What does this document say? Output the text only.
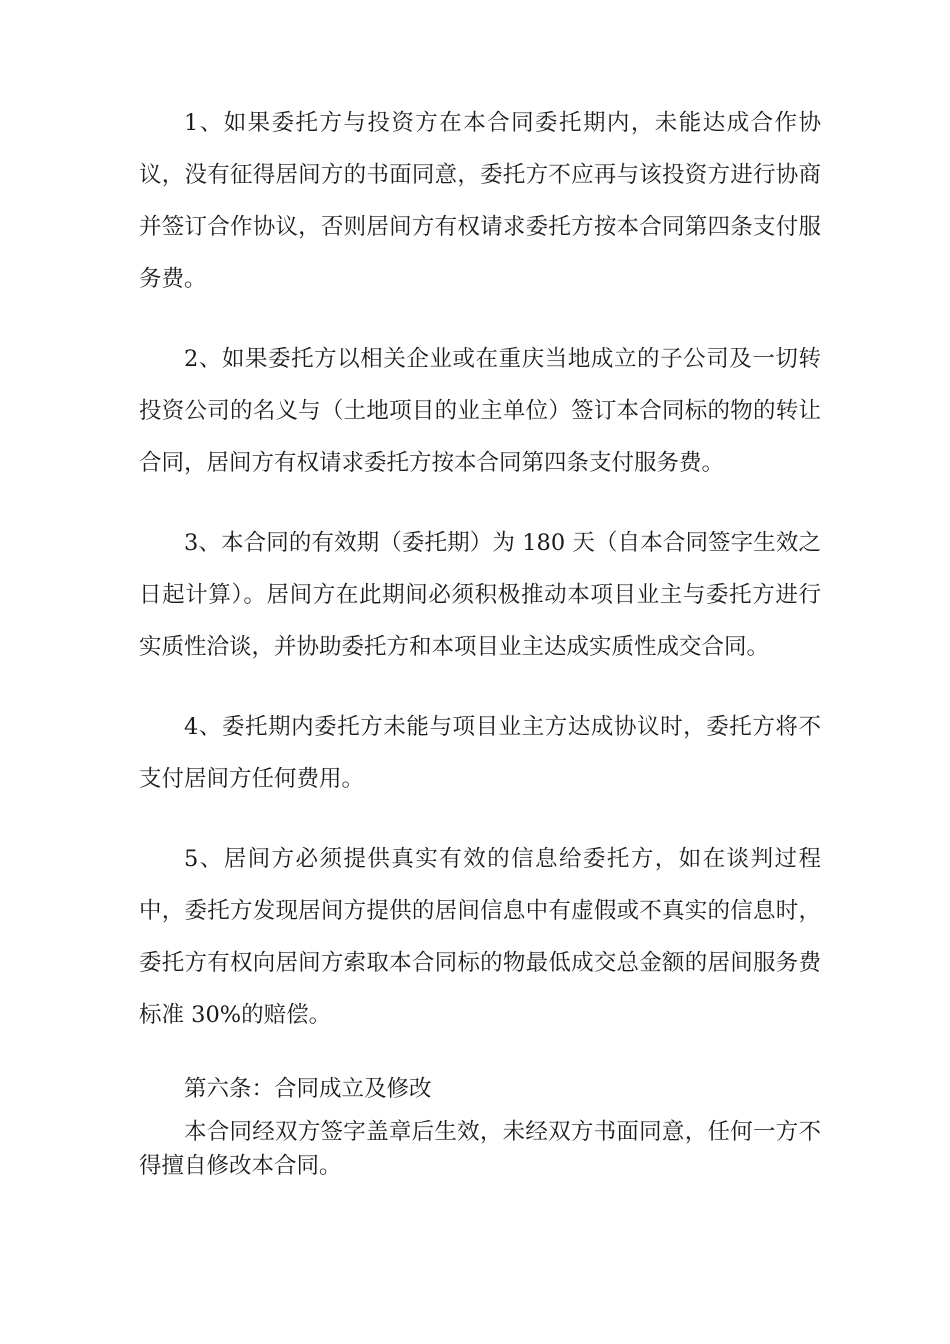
1、如果委托方与投资方在本合同委托期内，未能达成合作协议，没有征得居间方的书面同意，委托方不应再与该投资方进行协商并签订合作协议，否则居间方有权请求委托方按本合同第四条支付服务费。

2、如果委托方以相关企业或在重庆当地成立的子公司及一切转投资公司的名义与（土地项目的业主单位）签订本合同标的物的转让合同，居间方有权请求委托方按本合同第四条支付服务费。

3、本合同的有效期（委托期）为 180 天（自本合同签字生效之日起计算）。居间方在此期间必须积极推动本项目业主与委托方进行实质性洽谈，并协助委托方和本项目业主达成实质性成交合同。

4、委托期内委托方未能与项目业主方达成协议时，委托方将不支付居间方任何费用。

5、居间方必须提供真实有效的信息给委托方，如在谈判过程中，委托方发现居间方提供的居间信息中有虚假或不真实的信息时，委托方有权向居间方索取本合同标的物最低成交总金额的居间服务费标准 30%的赔偿。

第六条：合同成立及修改

本合同经双方签字盖章后生效，未经双方书面同意，任何一方不得擅自修改本合同。
